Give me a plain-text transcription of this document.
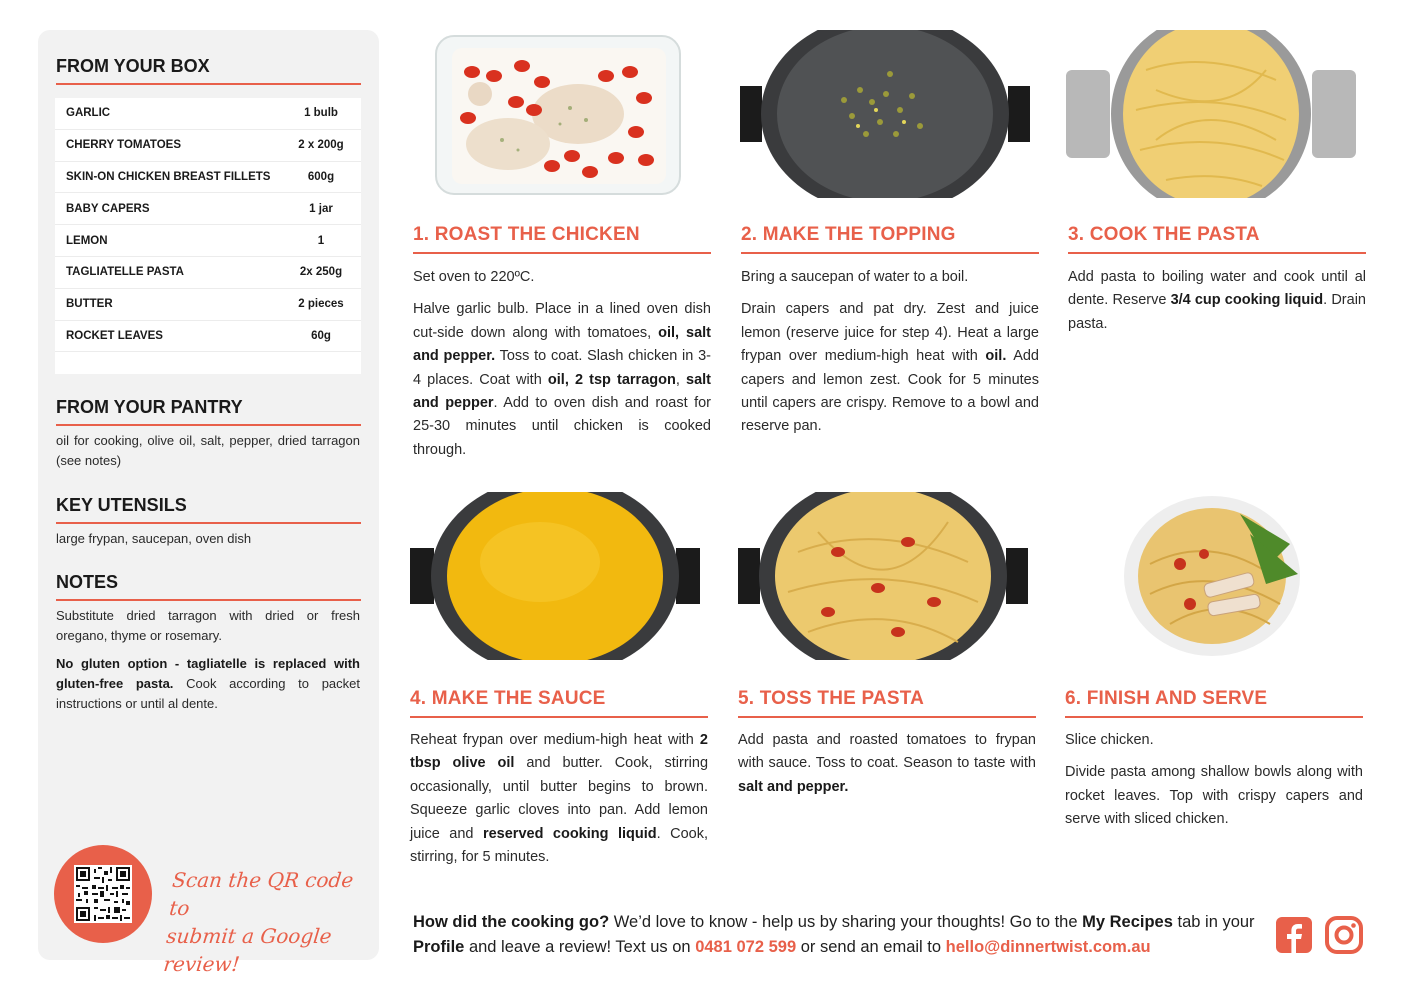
FROM YOUR BOX
GARLIC	1 bulb
CHERRY TOMATOES	2 x 200g
SKIN-ON CHICKEN BREAST FILLETS	600g
BABY CAPERS	1 jar
LEMON	1
TAGLIATELLE PASTA	2x 250g
BUTTER	2 pieces
ROCKET LEAVES	60g
FROM YOUR PANTRY
oil for cooking, olive oil, salt, pepper, dried tarragon (see notes)
KEY UTENSILS
large frypan, saucepan, oven dish
NOTES
Substitute dried tarragon with dried or fresh oregano, thyme or rosemary.
No gluten option - tagliatelle is replaced with gluten-free pasta. Cook according to packet instructions or until al dente.
Scan the QR code to
submit a Google review!
1. ROAST THE CHICKEN

Set oven to 220ºC.

Halve garlic bulb. Place in a lined oven dish cut-side down along with tomatoes, oil, salt and pepper. Toss to coat. Slash chicken in 3-4 places. Coat with oil, 2 tsp tarragon, salt and pepper. Add to oven dish and roast for 25-30 minutes until chicken is cooked through.

2. MAKE THE TOPPING

Bring a saucepan of water to a boil.

Drain capers and pat dry. Zest and juice lemon (reserve juice for step 4). Heat a large frypan over medium-high heat with oil. Add capers and lemon zest. Cook for 5 minutes until capers are crispy. Remove to a bowl and reserve pan.

3. COOK THE PASTA

Add pasta to boiling water and cook until al dente. Reserve 3/4 cup cooking liquid. Drain pasta.

4. MAKE THE SAUCE

Reheat frypan over medium-high heat with 2 tbsp olive oil and butter. Cook, stirring occasionally, until butter begins to brown. Squeeze garlic cloves into pan. Add lemon juice and reserved cooking liquid. Cook, stirring, for 5 minutes.

5. TOSS THE PASTA

Add pasta and roasted tomatoes to frypan with sauce. Toss to coat. Season to taste with salt and pepper.

6. FINISH AND SERVE

Slice chicken.

Divide pasta among shallow bowls along with rocket leaves. Top with crispy capers and serve with sliced chicken.

How did the cooking go? We’d love to know - help us by sharing your thoughts! Go to the My Recipes tab in your Profile and leave a review! Text us on 0481 072 599 or send an email to hello@dinnertwist.com.au
